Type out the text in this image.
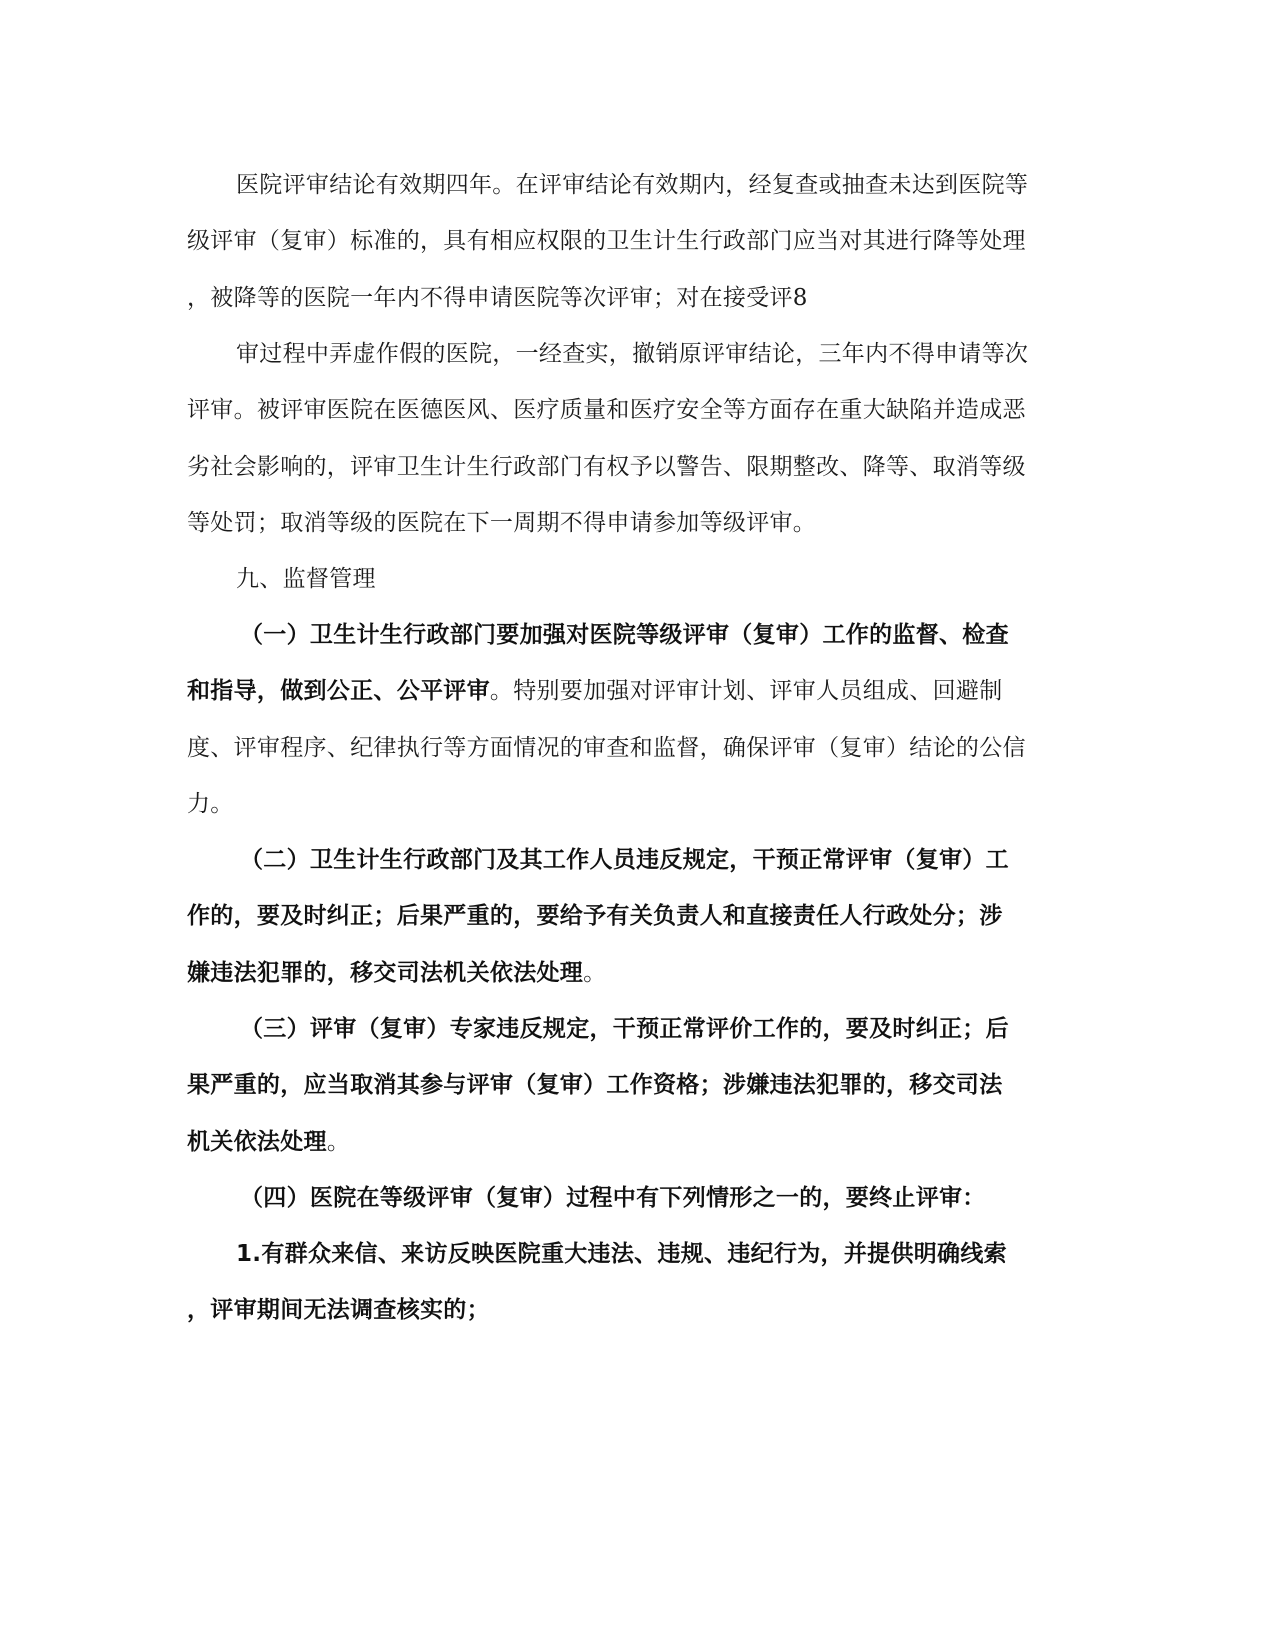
医院评审结论有效期四年。在评审结论有效期内，经复查或抽查未达到医院等
级评审（复审）标准的，具有相应权限的卫生计生行政部门应当对其进行降等处理
，被降等的医院一年内不得申请医院等次评审；对在接受评8
审过程中弄虚作假的医院，一经查实，撤销原评审结论，三年内不得申请等次
评审。被评审医院在医德医风、医疗质量和医疗安全等方面存在重大缺陷并造成恶
劣社会影响的，评审卫生计生行政部门有权予以警告、限期整改、降等、取消等级
等处罚；取消等级的医院在下一周期不得申请参加等级评审。
九、监督管理
（一）卫生计生行政部门要加强对医院等级评审（复审）工作的监督、检查
和指导，做到公正、公平评审。特别要加强对评审计划、评审人员组成、回避制
度、评审程序、纪律执行等方面情况的审查和监督，确保评审（复审）结论的公信
力。
（二）卫生计生行政部门及其工作人员违反规定，干预正常评审（复审）工
作的，要及时纠正；后果严重的，要给予有关负责人和直接责任人行政处分；涉
嫌违法犯罪的，移交司法机关依法处理。
（三）评审（复审）专家违反规定，干预正常评价工作的，要及时纠正；后
果严重的，应当取消其参与评审（复审）工作资格；涉嫌违法犯罪的，移交司法
机关依法处理。
（四）医院在等级评审（复审）过程中有下列情形之一的，要终止评审：
1.有群众来信、来访反映医院重大违法、违规、违纪行为，并提供明确线索
，评审期间无法调查核实的；
